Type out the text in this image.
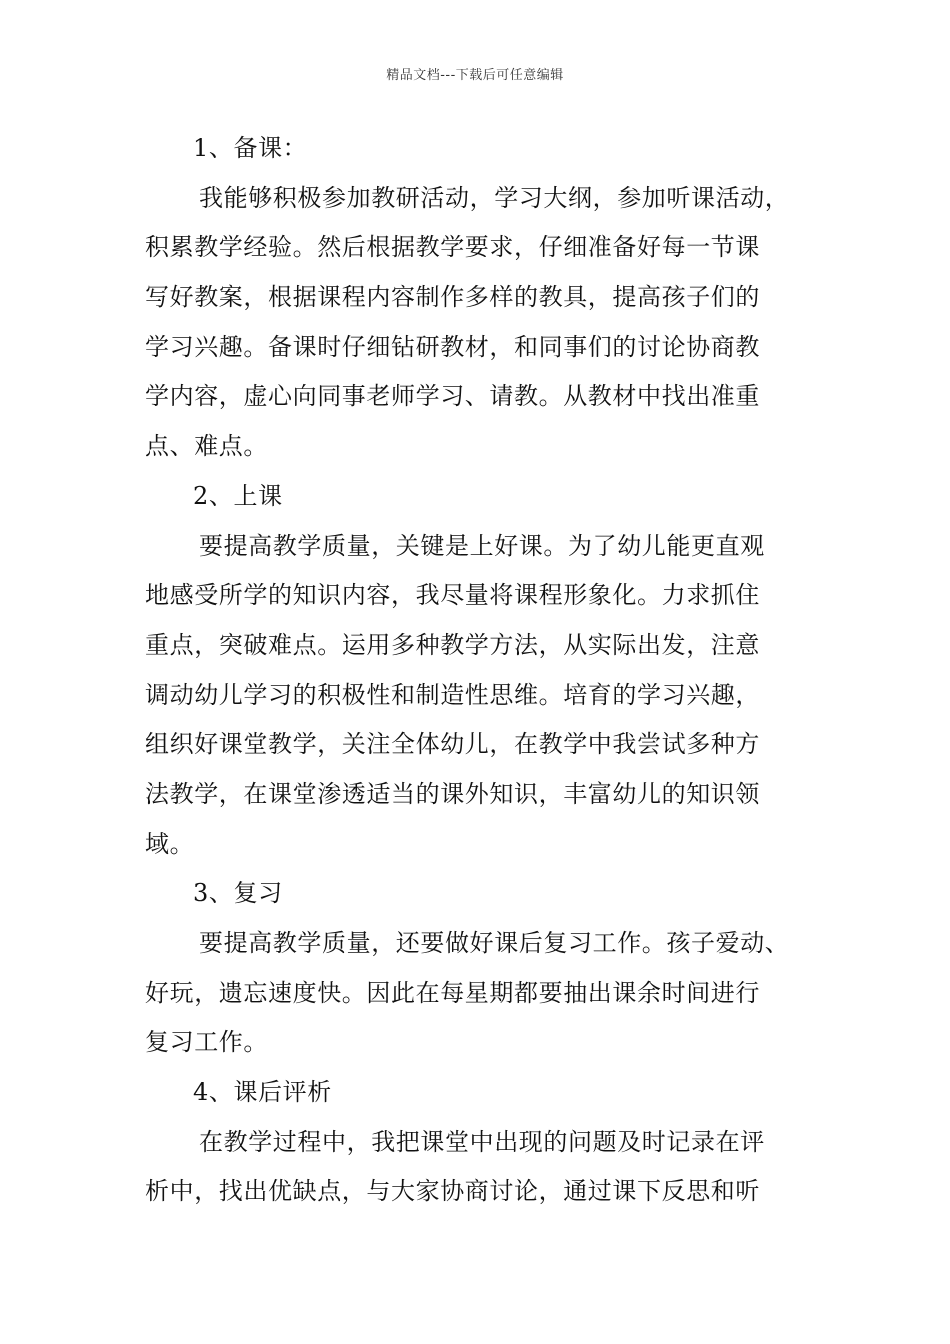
精品文档---下载后可任意编辑
1、备课：
我能够积极参加教研活动，学习大纲，参加听课活动，
积累教学经验。然后根据教学要求，仔细准备好每一节课
写好教案，根据课程内容制作多样的教具，提高孩子们的
学习兴趣。备课时仔细钻研教材，和同事们的讨论协商教
学内容，虚心向同事老师学习、请教。从教材中找出准重
点、难点。
2、上课
要提高教学质量，关键是上好课。为了幼儿能更直观
地感受所学的知识内容，我尽量将课程形象化。力求抓住
重点，突破难点。运用多种教学方法，从实际出发，注意
调动幼儿学习的积极性和制造性思维。培育的学习兴趣，
组织好课堂教学，关注全体幼儿，在教学中我尝试多种方
法教学，在课堂渗透适当的课外知识，丰富幼儿的知识领
域。
3、复习
要提高教学质量，还要做好课后复习工作。孩子爱动、
好玩，遗忘速度快。因此在每星期都要抽出课余时间进行
复习工作。
4、课后评析
在教学过程中，我把课堂中出现的问题及时记录在评
析中，找出优缺点，与大家协商讨论，通过课下反思和听
